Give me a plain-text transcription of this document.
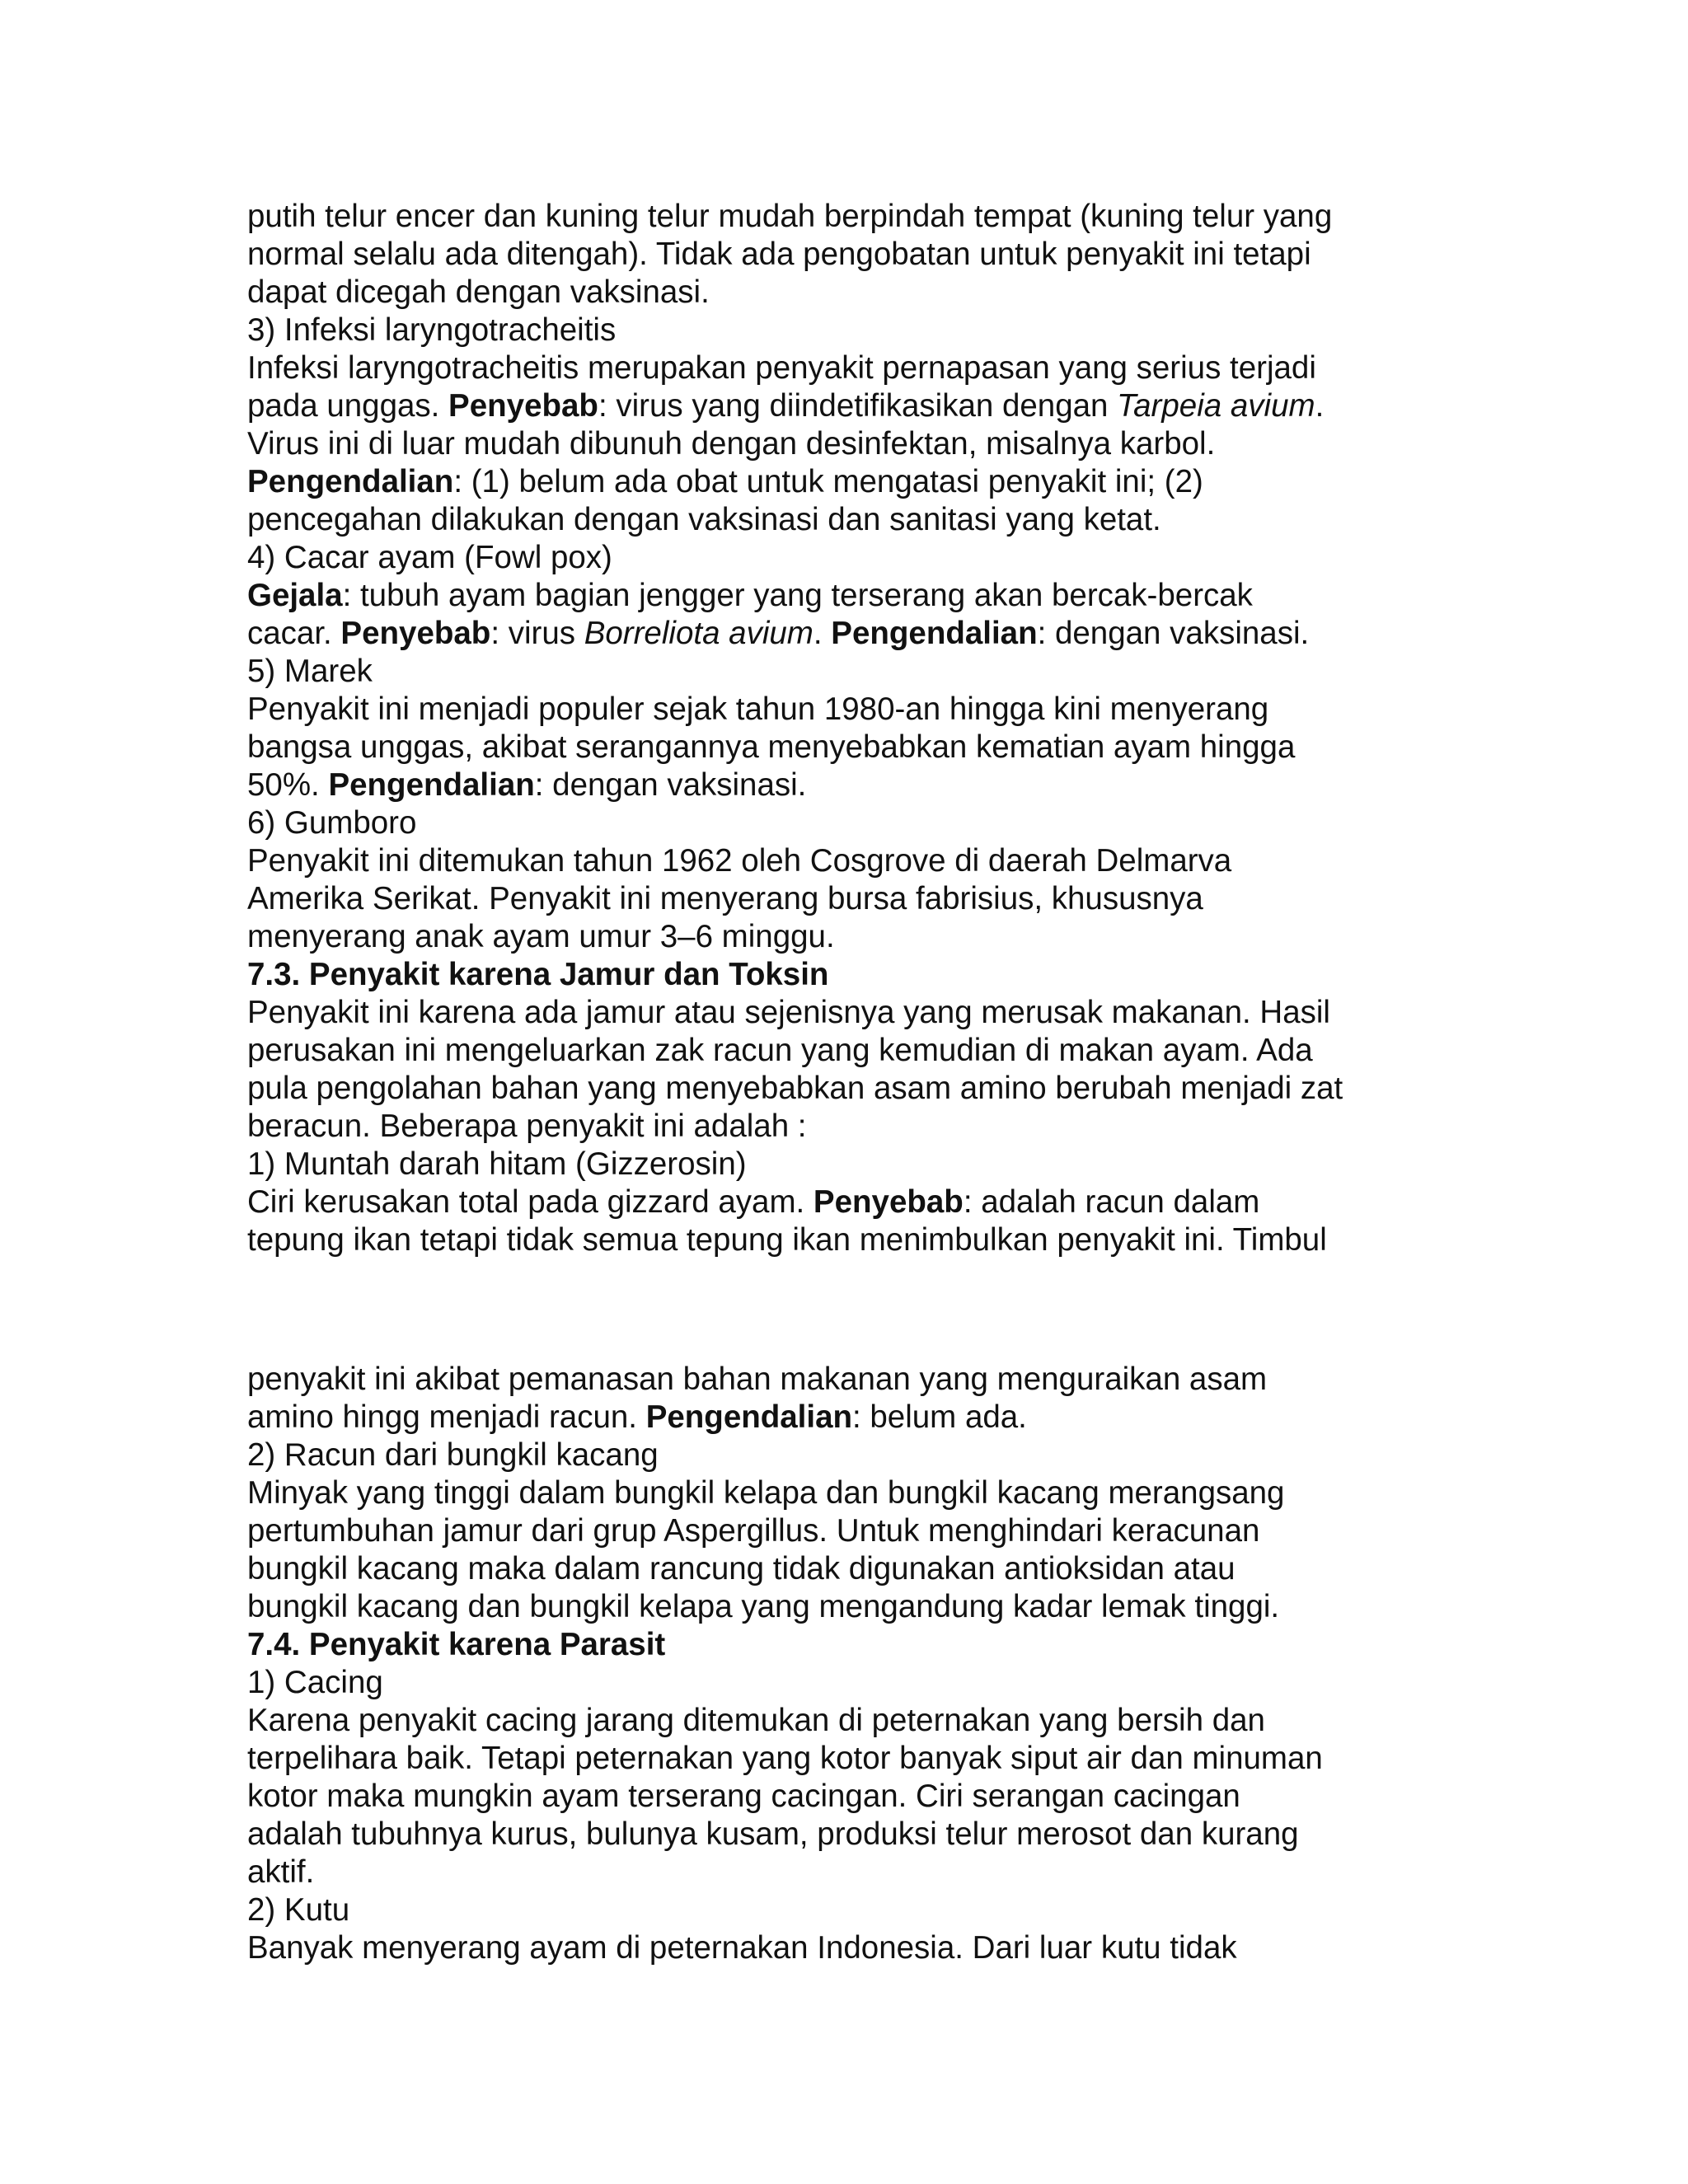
putih telur encer dan kuning telur mudah berpindah tempat (kuning telur yang
normal selalu ada ditengah). Tidak ada pengobatan untuk penyakit ini tetapi
dapat dicegah dengan vaksinasi.
3) Infeksi laryngotracheitis
Infeksi laryngotracheitis merupakan penyakit pernapasan yang serius terjadi
pada unggas. Penyebab: virus yang diindetifikasikan dengan Tarpeia avium.
Virus ini di luar mudah dibunuh dengan desinfektan, misalnya karbol.
Pengendalian: (1) belum ada obat untuk mengatasi penyakit ini; (2)
pencegahan dilakukan dengan vaksinasi dan sanitasi yang ketat.
4) Cacar ayam (Fowl pox)
Gejala: tubuh ayam bagian jengger yang terserang akan bercak-bercak
cacar. Penyebab: virus Borreliota avium. Pengendalian: dengan vaksinasi.
5) Marek
Penyakit ini menjadi populer sejak tahun 1980-an hingga kini menyerang
bangsa unggas, akibat serangannya menyebabkan kematian ayam hingga
50%. Pengendalian: dengan vaksinasi.
6) Gumboro
Penyakit ini ditemukan tahun 1962 oleh Cosgrove di daerah Delmarva
Amerika Serikat. Penyakit ini menyerang bursa fabrisius, khususnya
menyerang anak ayam umur 3–6 minggu.
7.3. Penyakit karena Jamur dan Toksin
Penyakit ini karena ada jamur atau sejenisnya yang merusak makanan. Hasil
perusakan ini mengeluarkan zak racun yang kemudian di makan ayam. Ada
pula pengolahan bahan yang menyebabkan asam amino berubah menjadi zat
beracun. Beberapa penyakit ini adalah :
1) Muntah darah hitam (Gizzerosin)
Ciri kerusakan total pada gizzard ayam. Penyebab: adalah racun dalam
tepung ikan tetapi tidak semua tepung ikan menimbulkan penyakit ini. Timbul
penyakit ini akibat pemanasan bahan makanan yang menguraikan asam
amino hingg menjadi racun. Pengendalian: belum ada.
2) Racun dari bungkil kacang
Minyak yang tinggi dalam bungkil kelapa dan bungkil kacang merangsang
pertumbuhan jamur dari grup Aspergillus. Untuk menghindari keracunan
bungkil kacang maka dalam rancung tidak digunakan antioksidan atau
bungkil kacang dan bungkil kelapa yang mengandung kadar lemak tinggi.
7.4. Penyakit karena Parasit
1) Cacing
Karena penyakit cacing jarang ditemukan di peternakan yang bersih dan
terpelihara baik. Tetapi peternakan yang kotor banyak siput air dan minuman
kotor maka mungkin ayam terserang cacingan. Ciri serangan cacingan
adalah tubuhnya kurus, bulunya kusam, produksi telur merosot dan kurang
aktif.
2) Kutu
Banyak menyerang ayam di peternakan Indonesia. Dari luar kutu tidak
